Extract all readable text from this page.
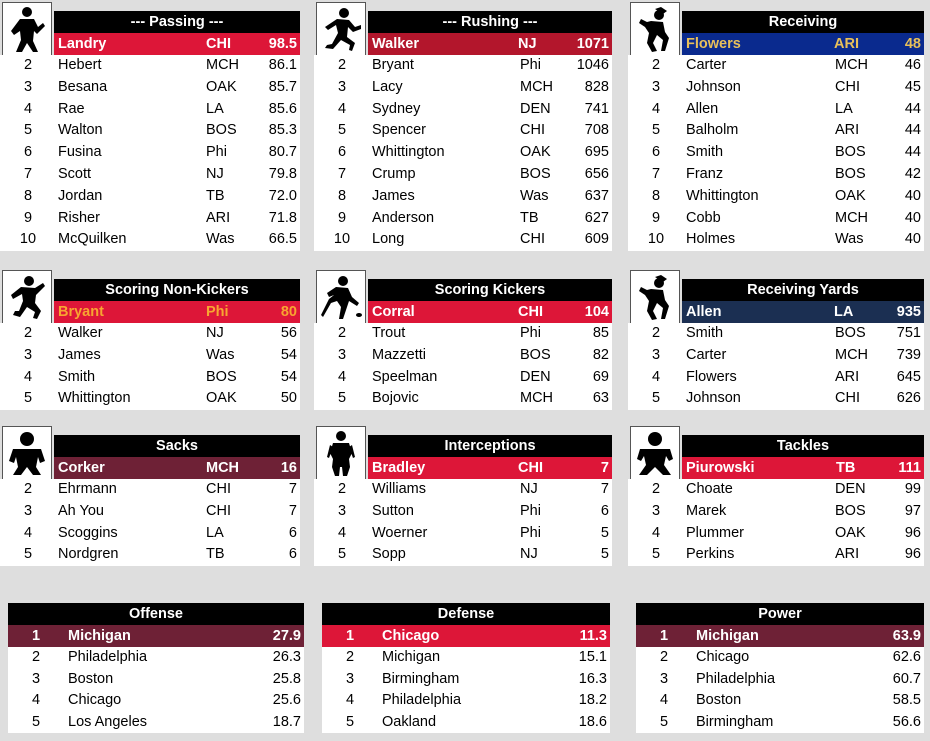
--- Passing ---
Landry	CHI	98.5
2	Hebert	MCH 86.1
3	Besana	OAK 85.7
4	Rae	LA	85.6
5	Walton	BOS 85.3
6	Fusina	Phi	80.7
7	Scott	NJ	79.8
8	Jordan	TB	72.0
9	Risher	ARI	71.8
10 McQuilken	Was 66.5
--- Rushing ---
Walker	NJ	1071
2	Bryant	Phi 1046
3	Lacy	MCH 828
4	Sydney	DEN 741
5	Spencer	CHI	708
6	Whittington	OAK 695
7	Crump	BOS 656
8	James	Was	637
9	Anderson	TB	627
10 Long	CHI	609
Receiving
Flowers	ARI	48
2	Carter	MCH	46
3	Johnson	CHI	45
4	Allen	LA	44
5	Balholm	ARI	44
6	Smith	BOS	44
7	Franz	BOS	42
8	Whittington	OAK	40
9	Cobb	MCH	40
10 Holmes	Was	40
Scoring Non-Kickers
Bryant	Phi	80
2	Walker	NJ	56
3	James	Was	54
4	Smith	BOS	54
5	Whittington	OAK	50
Scoring Kickers
Corral	CHI	104
2	Trout	Phi	85
3	Mazzetti	BOS	82
4	Speelman	DEN	69
5	Bojovic	MCH	63
Receiving Yards
Allen	LA	935
2	Smith	BOS 751
3	Carter	MCH 739
4	Flowers	ARI	645
5	Johnson	CHI	626
Sacks
Corker	MCH	16
2	Ehrmann	CHI	7
3	Ah You	CHI	7
4	Scoggins	LA	6
5	Nordgren	TB	6
Interceptions
Bradley	CHI	7
2	Williams	NJ	7
3	Sutton	Phi	6
4	Woerner	Phi	5
5	Sopp	NJ	5
Tackles
Piurowski	TB	111
2	Choate	DEN	99
3	Marek	BOS	97
4	Plummer	OAK	96
5	Perkins	ARI	96
Offense
1	Michigan	27.9
2	Philadelphia	26.3
3	Boston	25.8
4	Chicago	25.6
5	Los Angeles	18.7
Defense
1	Chicago	11.3
2	Michigan	15.1
3	Birmingham	16.3
4	Philadelphia	18.2
5	Oakland	18.6
Power
1	Michigan	63.9
2	Chicago	62.6
3	Philadelphia	60.7
4	Boston	58.5
5	Birmingham	56.6
